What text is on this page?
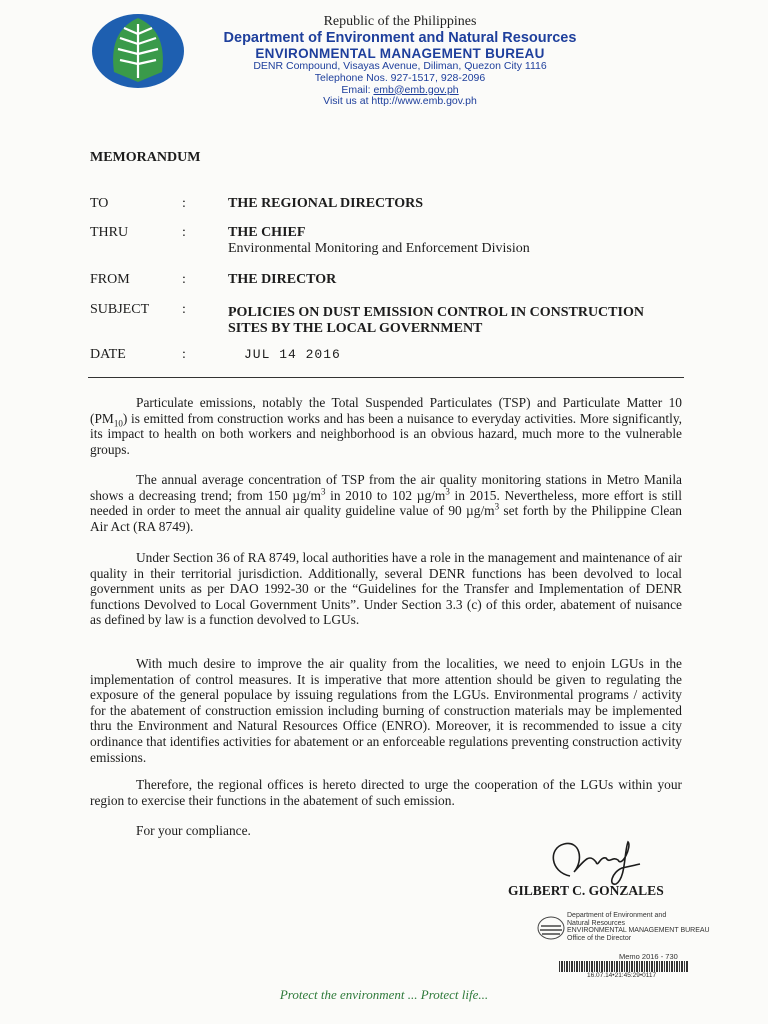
Republic of the Philippines
Department of Environment and Natural Resources
ENVIRONMENTAL MANAGEMENT BUREAU
DENR Compound, Visayas Avenue, Diliman, Quezon City 1116
Telephone Nos. 927-1517, 928-2096
Email: emb@emb.gov.ph
Visit us at http://www.emb.gov.ph
MEMORANDUM
TO	:	THE REGIONAL DIRECTORS
THRU	:	THE CHIEF
Environmental Monitoring and Enforcement Division
FROM	:	THE DIRECTOR
SUBJECT :	POLICIES ON DUST EMISSION CONTROL IN CONSTRUCTION
SITES BY THE LOCAL GOVERNMENT
DATE	:	JUL 14 2016
Particulate emissions, notably the Total Suspended Particulates (TSP) and Particulate Matter 10 $(PM_{10})$ is emitted from construction works and has been a nuisance to everyday activities. More significantly, its impact to health on both workers and neighborhood is an obvious hazard, much more to the vulnerable groups.
The annual average concentration of TSP from the air quality monitoring stations in Metro Manila shows a decreasing trend; from 150 $\mu g/m^3$ in 2010 to 102 $\mu g/m^3$ in 2015. Nevertheless, more effort is still needed in order to meet the annual air quality guideline value of 90 $\mu g/m^3$ set forth by the Philippine Clean Air Act (RA 8749).
Under Section 36 of RA 8749, local authorities have a role in the management and maintenance of air quality in their territorial jurisdiction. Additionally, several DENR functions has been devolved to local government units as per DAO 1992-30 or the “Guidelines for the Transfer and Implementation of DENR functions Devolved to Local Government Units”. Under Section 3.3 (c) of this order, abatement of nuisance as defined by law is a function devolved to LGUs.
With much desire to improve the air quality from the localities, we need to enjoin LGUs in the implementation of control measures. It is imperative that more attention should be given to regulating the exposure of the general populace by issuing regulations from the LGUs. Environmental programs / activity for the abatement of construction emission including burning of construction materials may be implemented thru the Environment and Natural Resources Office (ENRO). Moreover, it is recommended to issue a city ordinance that identifies activities for abatement or an enforceable regulations preventing construction activity emissions.
Therefore, the regional offices is hereto directed to urge the cooperation of the LGUs within your region to exercise their functions in the abatement of such emission.
For your compliance.
GILBERT C. GONZALES
Department of Environment and
Natural Resources
ENVIRONMENTAL MANAGEMENT BUREAU
Office of the Director
Memo 2016 - 730
16.07.14•21:45:29•0117
Protect the environment ... Protect life...
